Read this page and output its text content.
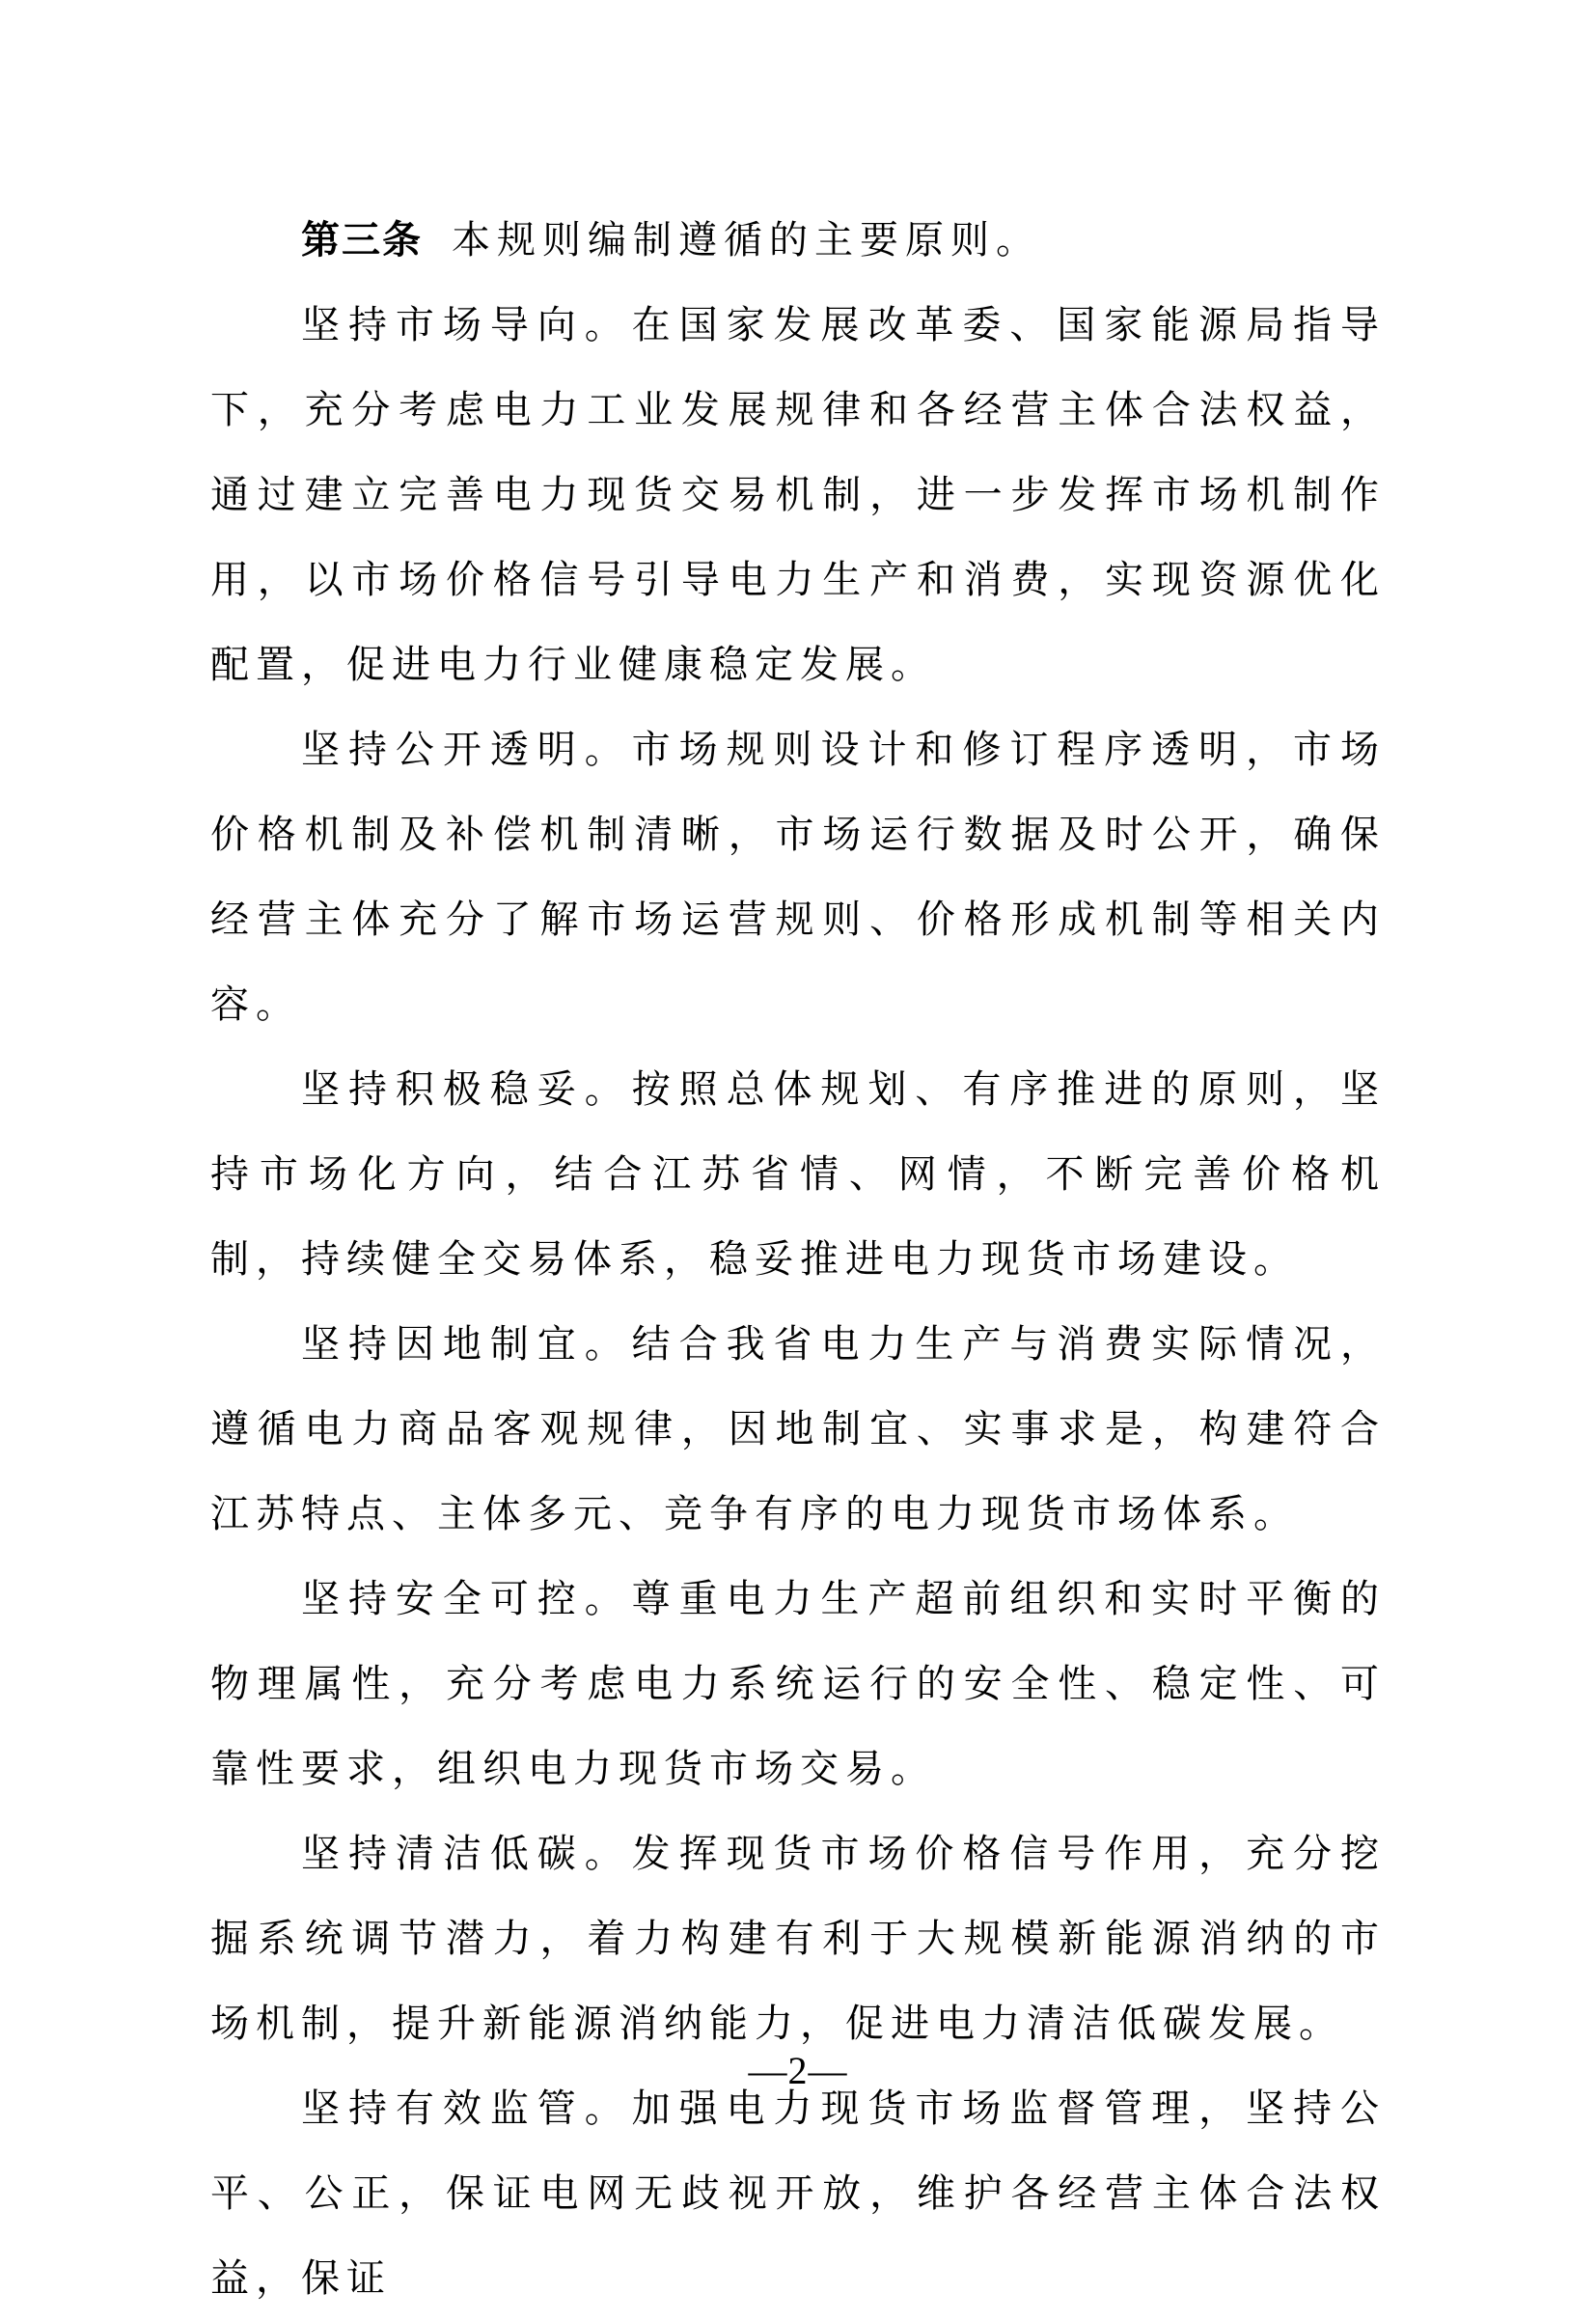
第三条 本规则编制遵循的主要原则。

坚持市场导向。在国家发展改革委、国家能源局指导下，充分考虑电力工业发展规律和各经营主体合法权益，通过建立完善电力现货交易机制，进一步发挥市场机制作用，以市场价格信号引导电力生产和消费，实现资源优化配置，促进电力行业健康稳定发展。

坚持公开透明。市场规则设计和修订程序透明，市场价格机制及补偿机制清晰，市场运行数据及时公开，确保经营主体充分了解市场运营规则、价格形成机制等相关内容。

坚持积极稳妥。按照总体规划、有序推进的原则，坚持市场化方向，结合江苏省情、网情，不断完善价格机制，持续健全交易体系，稳妥推进电力现货市场建设。

坚持因地制宜。结合我省电力生产与消费实际情况，遵循电力商品客观规律，因地制宜、实事求是，构建符合江苏特点、主体多元、竞争有序的电力现货市场体系。

坚持安全可控。尊重电力生产超前组织和实时平衡的物理属性，充分考虑电力系统运行的安全性、稳定性、可靠性要求，组织电力现货市场交易。

坚持清洁低碳。发挥现货市场价格信号作用，充分挖掘系统调节潜力，着力构建有利于大规模新能源消纳的市场机制，提升新能源消纳能力，促进电力清洁低碳发展。

坚持有效监管。加强电力现货市场监督管理，坚持公平、公正，保证电网无歧视开放，维护各经营主体合法权益，保证

—2—
